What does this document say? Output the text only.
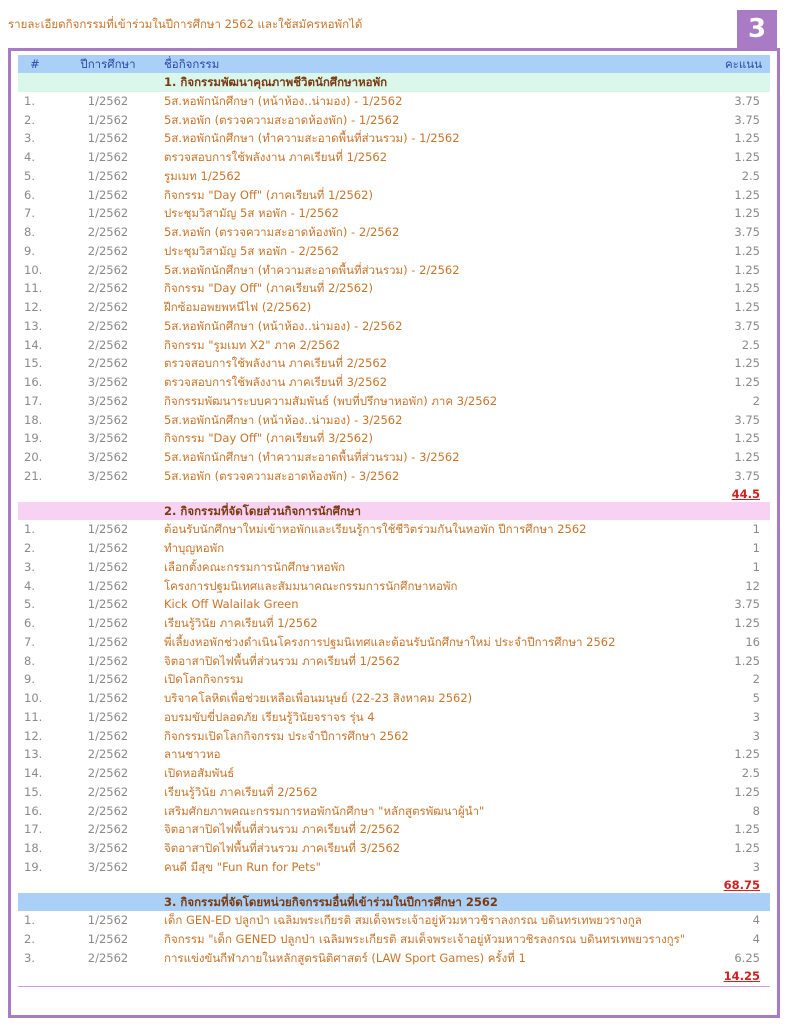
รายละเอียดกิจกรรมที่เข้าร่วมในปีการศึกษา 2562 และใช้สมัครหอพักได้	3
#	ปีการศึกษา	ชื่อกิจกรรม	คะแนน
		1. กิจกรรมพัฒนาคุณภาพชีวิตนักศึกษาหอพัก	
1.	1/2562	5ส.หอพักนักศึกษา (หน้าห้อง..น่ามอง) - 1/2562	3.75
2.	1/2562	5ส.หอพัก (ตรวจความสะอาดห้องพัก) - 1/2562	3.75
3.	1/2562	5ส.หอพักนักศึกษา (ทำความสะอาดพื้นที่ส่วนรวม) - 1/2562	1.25
4.	1/2562	ตรวจสอบการใช้พลังงาน ภาคเรียนที่ 1/2562	1.25
5.	1/2562	รูมเมท 1/2562	2.5
6.	1/2562	กิจกรรม "Day Off" (ภาคเรียนที่ 1/2562)	1.25
7.	1/2562	ประชุมวิสามัญ 5ส หอพัก - 1/2562	1.25
8.	2/2562	5ส.หอพัก (ตรวจความสะอาดห้องพัก) - 2/2562	3.75
9.	2/2562	ประชุมวิสามัญ 5ส หอพัก - 2/2562	1.25
10.	2/2562	5ส.หอพักนักศึกษา (ทำความสะอาดพื้นที่ส่วนรวม) - 2/2562	1.25
11.	2/2562	กิจกรรม "Day Off" (ภาคเรียนที่ 2/2562)	1.25
12.	2/2562	ฝึกซ้อมอพยพหนีไฟ (2/2562)	1.25
13.	2/2562	5ส.หอพักนักศึกษา (หน้าห้อง..น่ามอง) - 2/2562	3.75
14.	2/2562	กิจกรรม "รูมเมท X2" ภาค 2/2562	2.5
15.	2/2562	ตรวจสอบการใช้พลังงาน ภาคเรียนที่ 2/2562	1.25
16.	3/2562	ตรวจสอบการใช้พลังงาน ภาคเรียนที่ 3/2562	1.25
17.	3/2562	กิจกรรมพัฒนาระบบความสัมพันธ์ (พบที่ปรึกษาหอพัก) ภาค 3/2562	2
18.	3/2562	5ส.หอพักนักศึกษา (หน้าห้อง..น่ามอง) - 3/2562	3.75
19.	3/2562	กิจกรรม "Day Off" (ภาคเรียนที่ 3/2562)	1.25
20.	3/2562	5ส.หอพักนักศึกษา (ทำความสะอาดพื้นที่ส่วนรวม) - 3/2562	1.25
21.	3/2562	5ส.หอพัก (ตรวจความสะอาดห้องพัก) - 3/2562	3.75
			44.5
		2. กิจกรรมที่จัดโดยส่วนกิจการนักศึกษา	
1.	1/2562	ต้อนรับนักศึกษาใหม่เข้าหอพักและเรียนรู้การใช้ชีวิตร่วมกันในหอพัก ปีการศึกษา 2562	1
2.	1/2562	ทำบุญหอพัก	1
3.	1/2562	เลือกตั้งคณะกรรมการนักศึกษาหอพัก	1
4.	1/2562	โครงการปฐมนิเทศและสัมมนาคณะกรรมการนักศึกษาหอพัก	12
5.	1/2562	Kick Off Walailak Green	3.75
6.	1/2562	เรียนรู้วินัย ภาคเรียนที่ 1/2562	1.25
7.	1/2562	พี่เลี้ยงหอพักช่วงดำเนินโครงการปฐมนิเทศและต้อนรับนักศึกษาใหม่ ประจำปีการศึกษา 2562	16
8.	1/2562	จิตอาสาปิดไฟพื้นที่ส่วนรวม ภาคเรียนที่ 1/2562	1.25
9.	1/2562	เปิดโลกกิจกรรม	2
10.	1/2562	บริจาคโลหิตเพื่อช่วยเหลือเพื่อนมนุษย์ (22-23 สิงหาคม 2562)	5
11.	1/2562	อบรมขับขี่ปลอดภัย เรียนรู้วินัยจราจร รุ่น 4	3
12.	1/2562	กิจกรรมเปิดโลกกิจกรรม ประจำปีการศึกษา 2562	3
13.	2/2562	ลานชาวหอ	1.25
14.	2/2562	เปิดหอสัมพันธ์	2.5
15.	2/2562	เรียนรู้วินัย ภาคเรียนที่ 2/2562	1.25
16.	2/2562	เสริมศักยภาพคณะกรรมการหอพักนักศึกษา "หลักสูตรพัฒนาผู้นำ"	8
17.	2/2562	จิตอาสาปิดไฟพื้นที่ส่วนรวม ภาคเรียนที่ 2/2562	1.25
18.	3/2562	จิตอาสาปิดไฟพื้นที่ส่วนรวม ภาคเรียนที่ 3/2562	1.25
19.	3/2562	คนดี มีสุข "Fun Run for Pets"	3
			68.75
		3. กิจกรรมที่จัดโดยหน่วยกิจกรรมอื่นที่เข้าร่วมในปีการศึกษา 2562	
1.	1/2562	เด็ก GEN-ED ปลูกป่า เฉลิมพระเกียรติ สมเด็จพระเจ้าอยู่หัวมหาวชิราลงกรณ บดินทรเทพยวรางกูล	4
2.	1/2562	กิจกรรม "เด็ก GENED ปลูกป่า เฉลิมพระเกียรติ สมเด็จพระเจ้าอยู่หัวมหาวชิรลงกรณ บดินทรเทพยวรางกูร"	4
3.	2/2562	การแข่งขันกีฬาภายในหลักสูตรนิติศาสตร์ (LAW Sport Games) ครั้งที่ 1	6.25
			14.25
